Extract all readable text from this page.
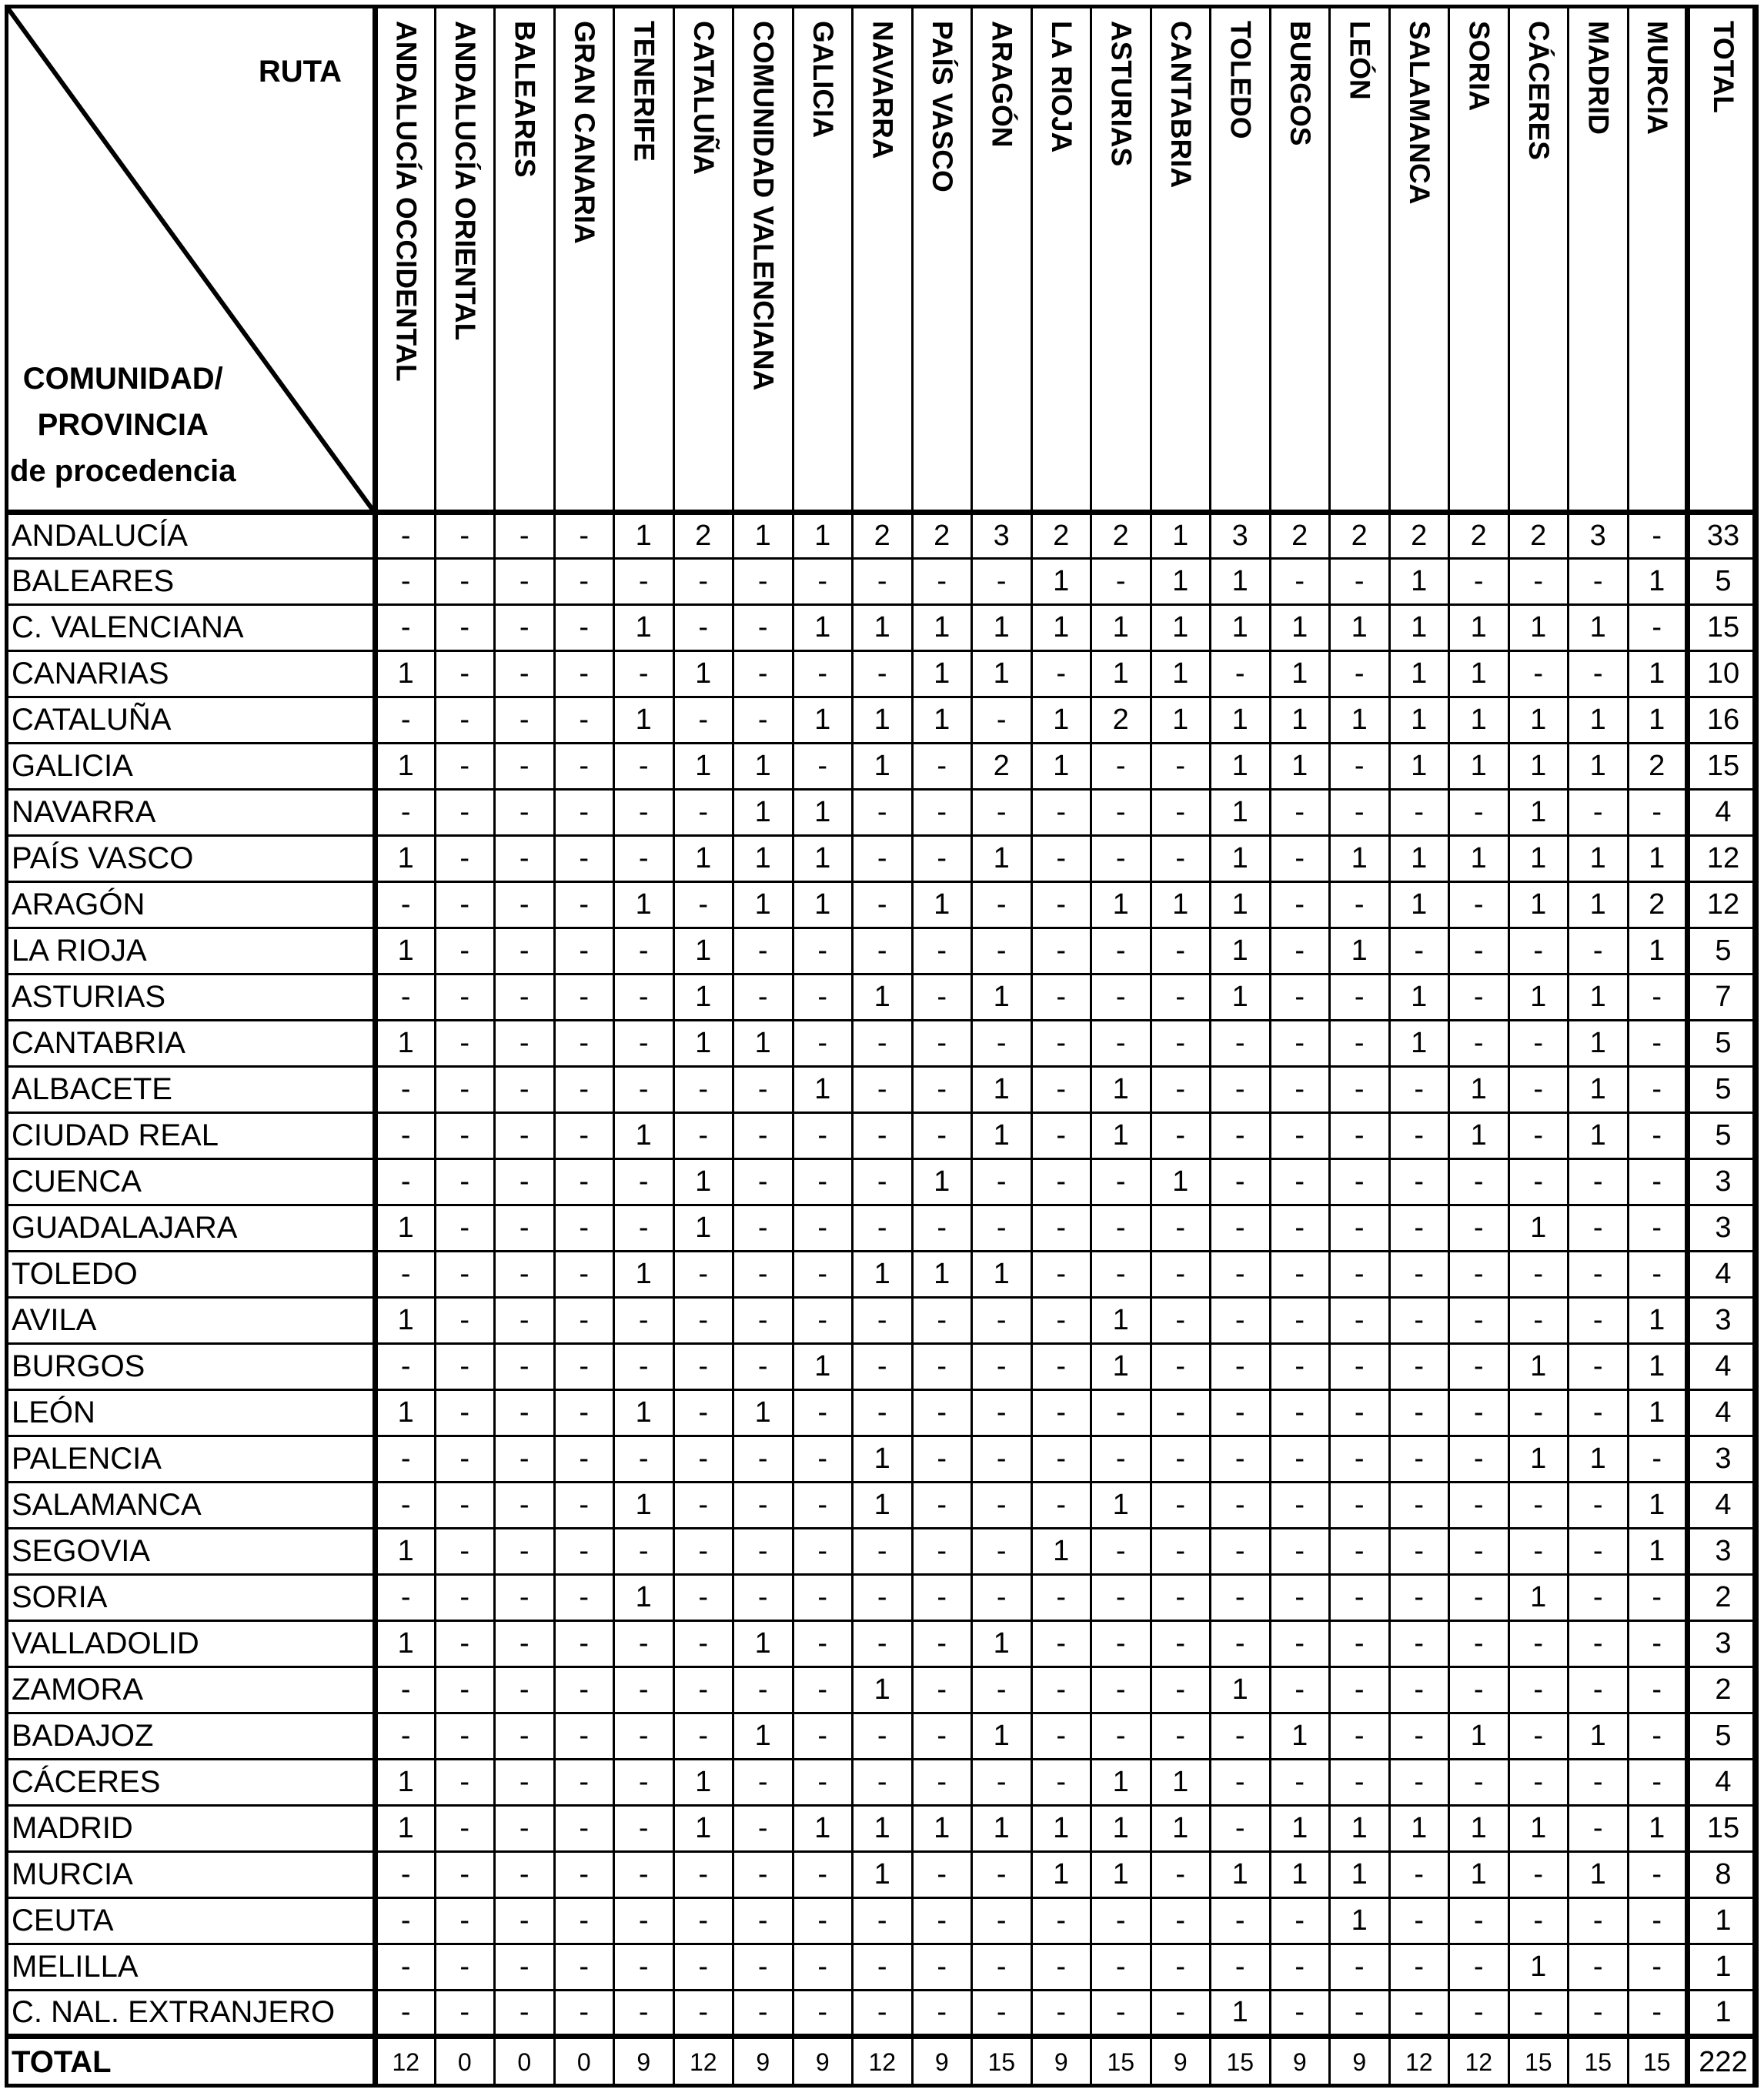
RUTA
COMUNIDAD/
PROVINCIA
de procedencia	ANDALUCÍA OCCIDENTAL	ANDALUCÍA ORIENTAL	BALEARES	GRAN CANARIA	TENERIFE	CATALUÑA	COMUNIDAD VALENCIANA	GALICIA	NAVARRA	PAÍS VASCO	ARAGÓN	LA RIOJA	ASTURIAS	CANTABRIA	TOLEDO	BURGOS	LEÓN	SALAMANCA	SORIA	CÁCERES	MADRID	MURCIA	TOTAL

ANDALUCÍA	-	-	-	-	1	2	1	1	2	2	3	2	2	1	3	2	2	2	2	2	3	-	33
BALEARES	-	-	-	-	-	-	-	-	-	-	-	1	-	1	1	-	-	1	-	-	-	1	5
C. VALENCIANA	-	-	-	-	1	-	-	1	1	1	1	1	1	1	1	1	1	1	1	1	1	-	15
CANARIAS	1	-	-	-	-	1	-	-	-	1	1	-	1	1	-	1	-	1	1	-	-	1	10
CATALUÑA	-	-	-	-	1	-	-	1	1	1	-	1	2	1	1	1	1	1	1	1	1	1	16
GALICIA	1	-	-	-	-	1	1	-	1	-	2	1	-	-	1	1	-	1	1	1	1	2	15
NAVARRA	-	-	-	-	-	-	1	1	-	-	-	-	-	-	1	-	-	-	-	1	-	-	4
PAÍS VASCO	1	-	-	-	-	1	1	1	-	-	1	-	-	-	1	-	1	1	1	1	1	1	12
ARAGÓN	-	-	-	-	1	-	1	1	-	1	-	-	1	1	1	-	-	1	-	1	1	2	12
LA RIOJA	1	-	-	-	-	1	-	-	-	-	-	-	-	-	1	-	1	-	-	-	-	1	5
ASTURIAS	-	-	-	-	-	1	-	-	1	-	1	-	-	-	1	-	-	1	-	1	1	-	7
CANTABRIA	1	-	-	-	-	1	1	-	-	-	-	-	-	-	-	-	-	1	-	-	1	-	5
ALBACETE	-	-	-	-	-	-	-	1	-	-	1	-	1	-	-	-	-	-	1	-	1	-	5
CIUDAD REAL	-	-	-	-	1	-	-	-	-	-	1	-	1	-	-	-	-	-	1	-	1	-	5
CUENCA	-	-	-	-	-	1	-	-	-	1	-	-	-	1	-	-	-	-	-	-	-	-	3
GUADALAJARA	1	-	-	-	-	1	-	-	-	-	-	-	-	-	-	-	-	-	-	1	-	-	3
TOLEDO	-	-	-	-	1	-	-	-	1	1	1	-	-	-	-	-	-	-	-	-	-	-	4
AVILA	1	-	-	-	-	-	-	-	-	-	-	-	1	-	-	-	-	-	-	-	-	1	3
BURGOS	-	-	-	-	-	-	-	1	-	-	-	-	1	-	-	-	-	-	-	1	-	1	4
LEÓN	1	-	-	-	1	-	1	-	-	-	-	-	-	-	-	-	-	-	-	-	-	1	4
PALENCIA	-	-	-	-	-	-	-	-	1	-	-	-	-	-	-	-	-	-	-	1	1	-	3
SALAMANCA	-	-	-	-	1	-	-	-	1	-	-	-	1	-	-	-	-	-	-	-	-	1	4
SEGOVIA	1	-	-	-	-	-	-	-	-	-	-	1	-	-	-	-	-	-	-	-	-	1	3
SORIA	-	-	-	-	1	-	-	-	-	-	-	-	-	-	-	-	-	-	-	1	-	-	2
VALLADOLID	1	-	-	-	-	-	1	-	-	-	1	-	-	-	-	-	-	-	-	-	-	-	3
ZAMORA	-	-	-	-	-	-	-	-	1	-	-	-	-	-	1	-	-	-	-	-	-	-	2
BADAJOZ	-	-	-	-	-	-	1	-	-	-	1	-	-	-	-	1	-	-	1	-	1	-	5
CÁCERES	1	-	-	-	-	1	-	-	-	-	-	-	1	1	-	-	-	-	-	-	-	-	4
MADRID	1	-	-	-	-	1	-	1	1	1	1	1	1	1	-	1	1	1	1	1	-	1	15
MURCIA	-	-	-	-	-	-	-	-	1	-	-	1	1	-	1	1	1	-	1	-	1	-	8
CEUTA	-	-	-	-	-	-	-	-	-	-	-	-	-	-	-	-	1	-	-	-	-	-	1
MELILLA	-	-	-	-	-	-	-	-	-	-	-	-	-	-	-	-	-	-	-	1	-	-	1
C. NAL. EXTRANJERO	-	-	-	-	-	-	-	-	-	-	-	-	-	-	1	-	-	-	-	-	-	-	1
TOTAL	12	0	0	0	9	12	9	9	12	9	15	9	15	9	15	9	9	12	12	15	15	15	222
